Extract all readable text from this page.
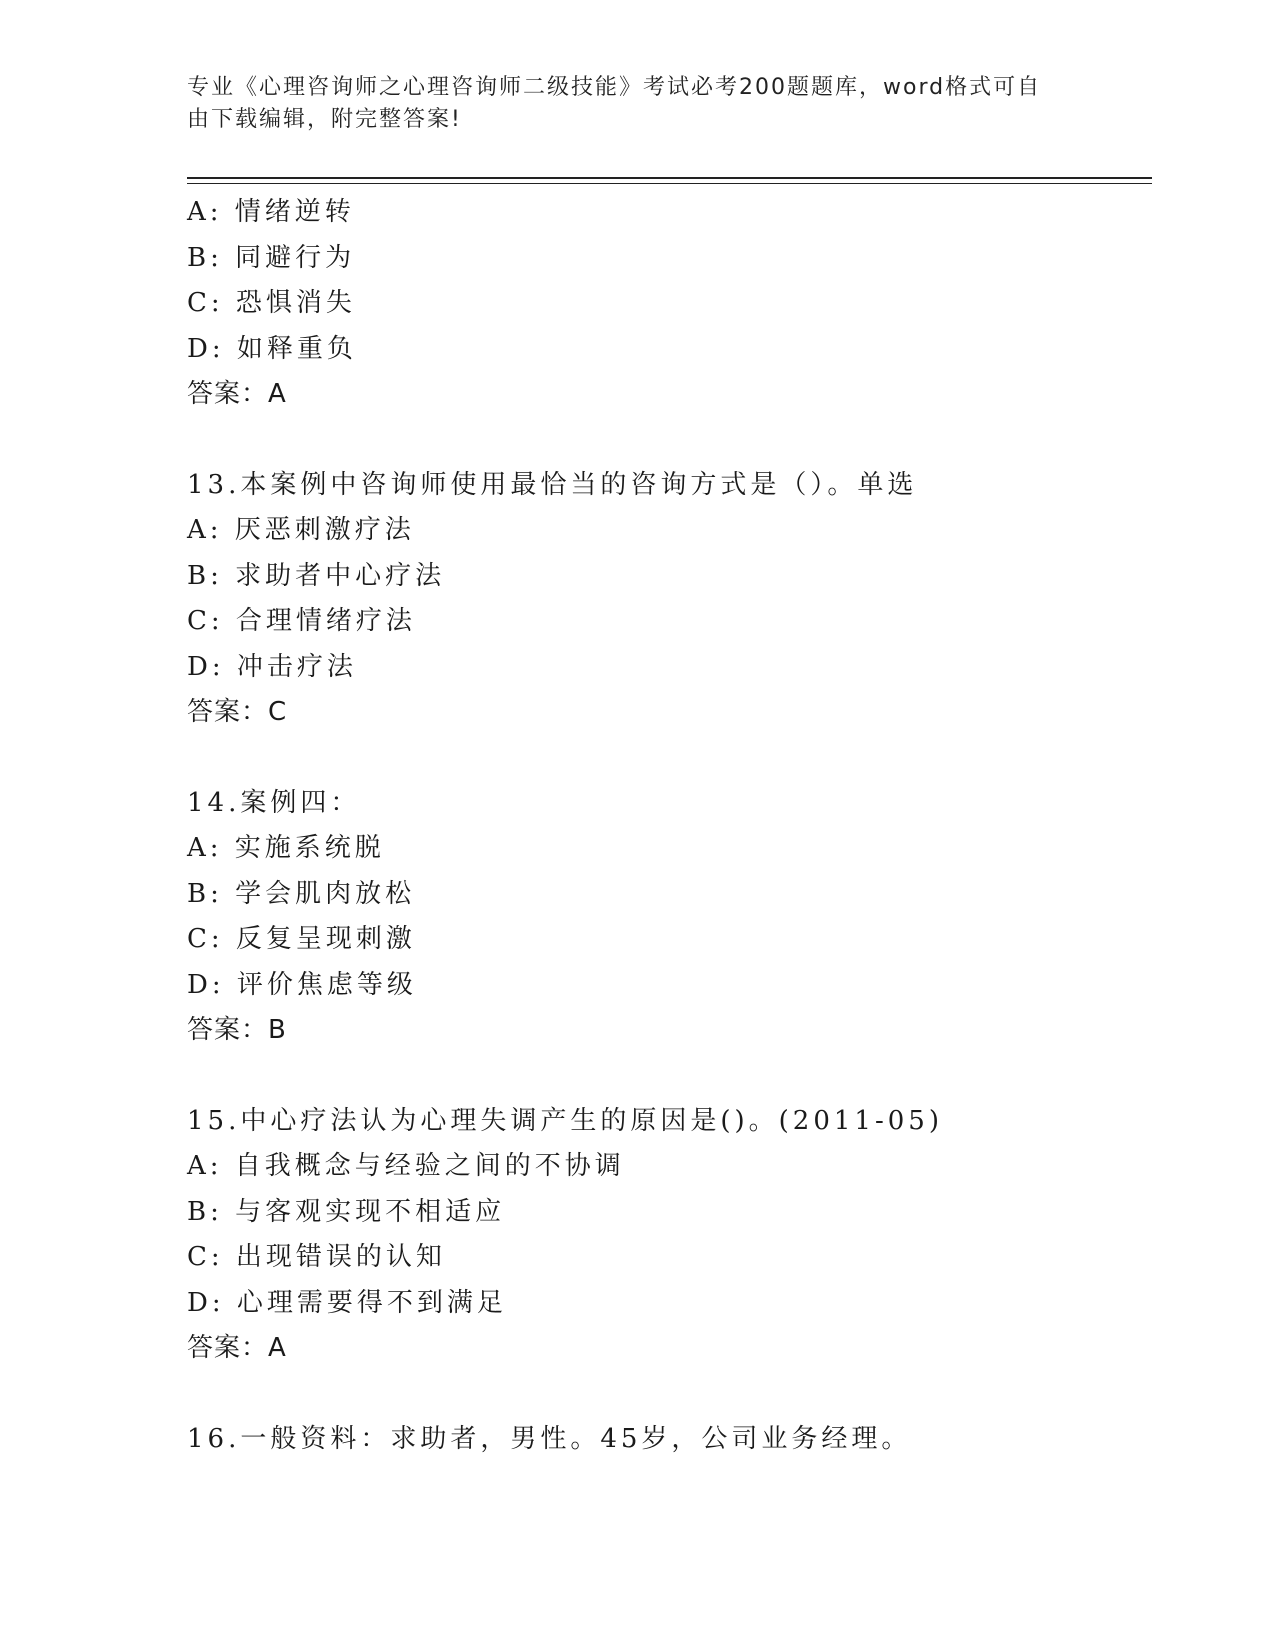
专业《心理咨询师之心理咨询师二级技能》考试必考200题题库，word格式可自
由下载编辑，附完整答案!
A: 情绪逆转
B: 同避行为
C: 恐惧消失
D: 如释重负
答案：A
13.本案例中咨询师使用最恰当的咨询方式是（）。单选
A: 厌恶刺激疗法
B: 求助者中心疗法
C: 合理情绪疗法
D: 冲击疗法
答案：C
14.案例四：
A: 实施系统脱
B: 学会肌肉放松
C: 反复呈现刺激
D: 评价焦虑等级
答案：B
15.中心疗法认为心理失调产生的原因是()。(2011-05)
A: 自我概念与经验之间的不协调
B: 与客观实现不相适应
C: 出现错误的认知
D: 心理需要得不到满足
答案：A
16.一般资料：求助者，男性。45岁，公司业务经理。
